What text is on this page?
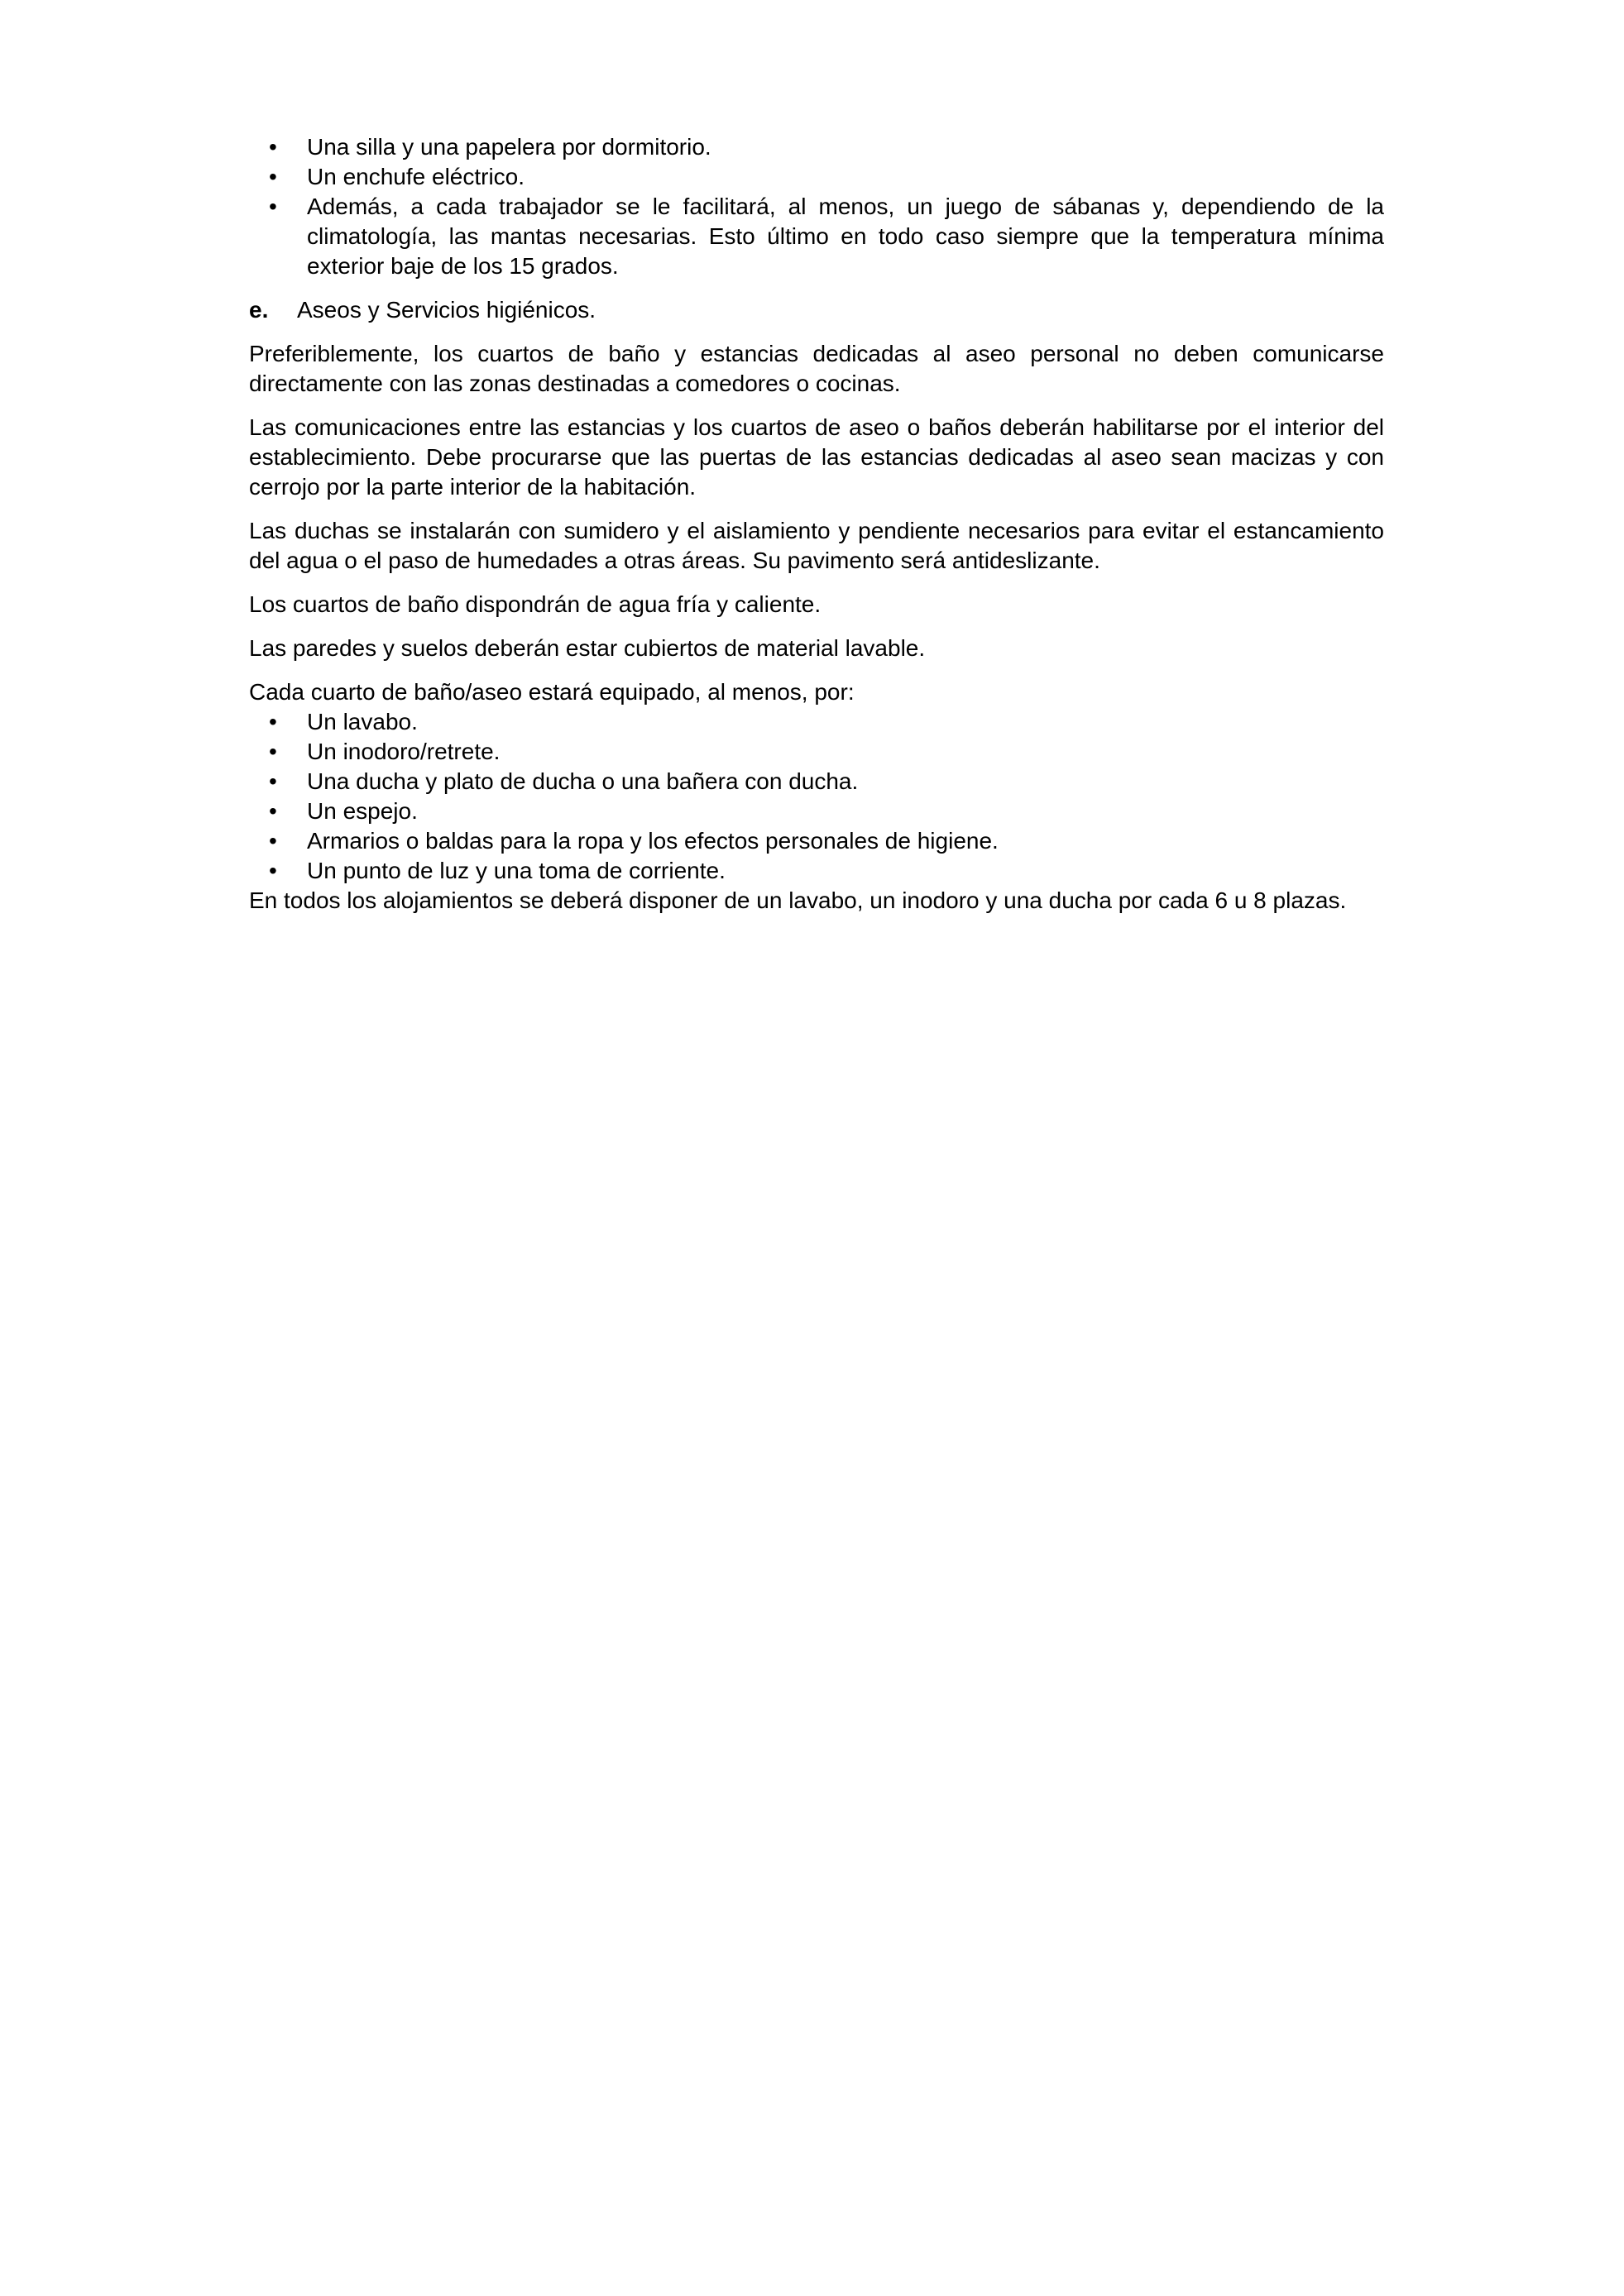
• Una silla y una papelera por dormitorio.
• Un enchufe eléctrico.
• Además, a cada trabajador se le facilitará, al menos, un juego de sábanas y, dependiendo de la climatología, las mantas necesarias. Esto último en todo caso siempre que la temperatura mínima exterior baje de los 15 grados.
e.	Aseos y Servicios higiénicos.

Preferiblemente, los cuartos de baño y estancias dedicadas al aseo personal no deben comunicarse directamente con las zonas destinadas a comedores o cocinas.

Las comunicaciones entre las estancias y los cuartos de aseo o baños deberán habilitarse por el interior del establecimiento. Debe procurarse que las puertas de las estancias dedicadas al aseo sean macizas y con cerrojo por la parte interior de la habitación.

Las duchas se instalarán con sumidero y el aislamiento y pendiente necesarios para evitar el estancamiento del agua o el paso de humedades a otras áreas. Su pavimento será antideslizante.

Los cuartos de baño dispondrán de agua fría y caliente.

Las paredes y suelos deberán estar cubiertos de material lavable.

Cada cuarto de baño/aseo estará equipado, al menos, por:

• Un lavabo.
• Un inodoro/retrete.
• Una ducha y plato de ducha o una bañera con ducha.
• Un espejo.
• Armarios o baldas para la ropa y los efectos personales de higiene.
• Un punto de luz y una toma de corriente.

En todos los alojamientos se deberá disponer de un lavabo, un inodoro y una ducha por cada 6 u 8 plazas.
